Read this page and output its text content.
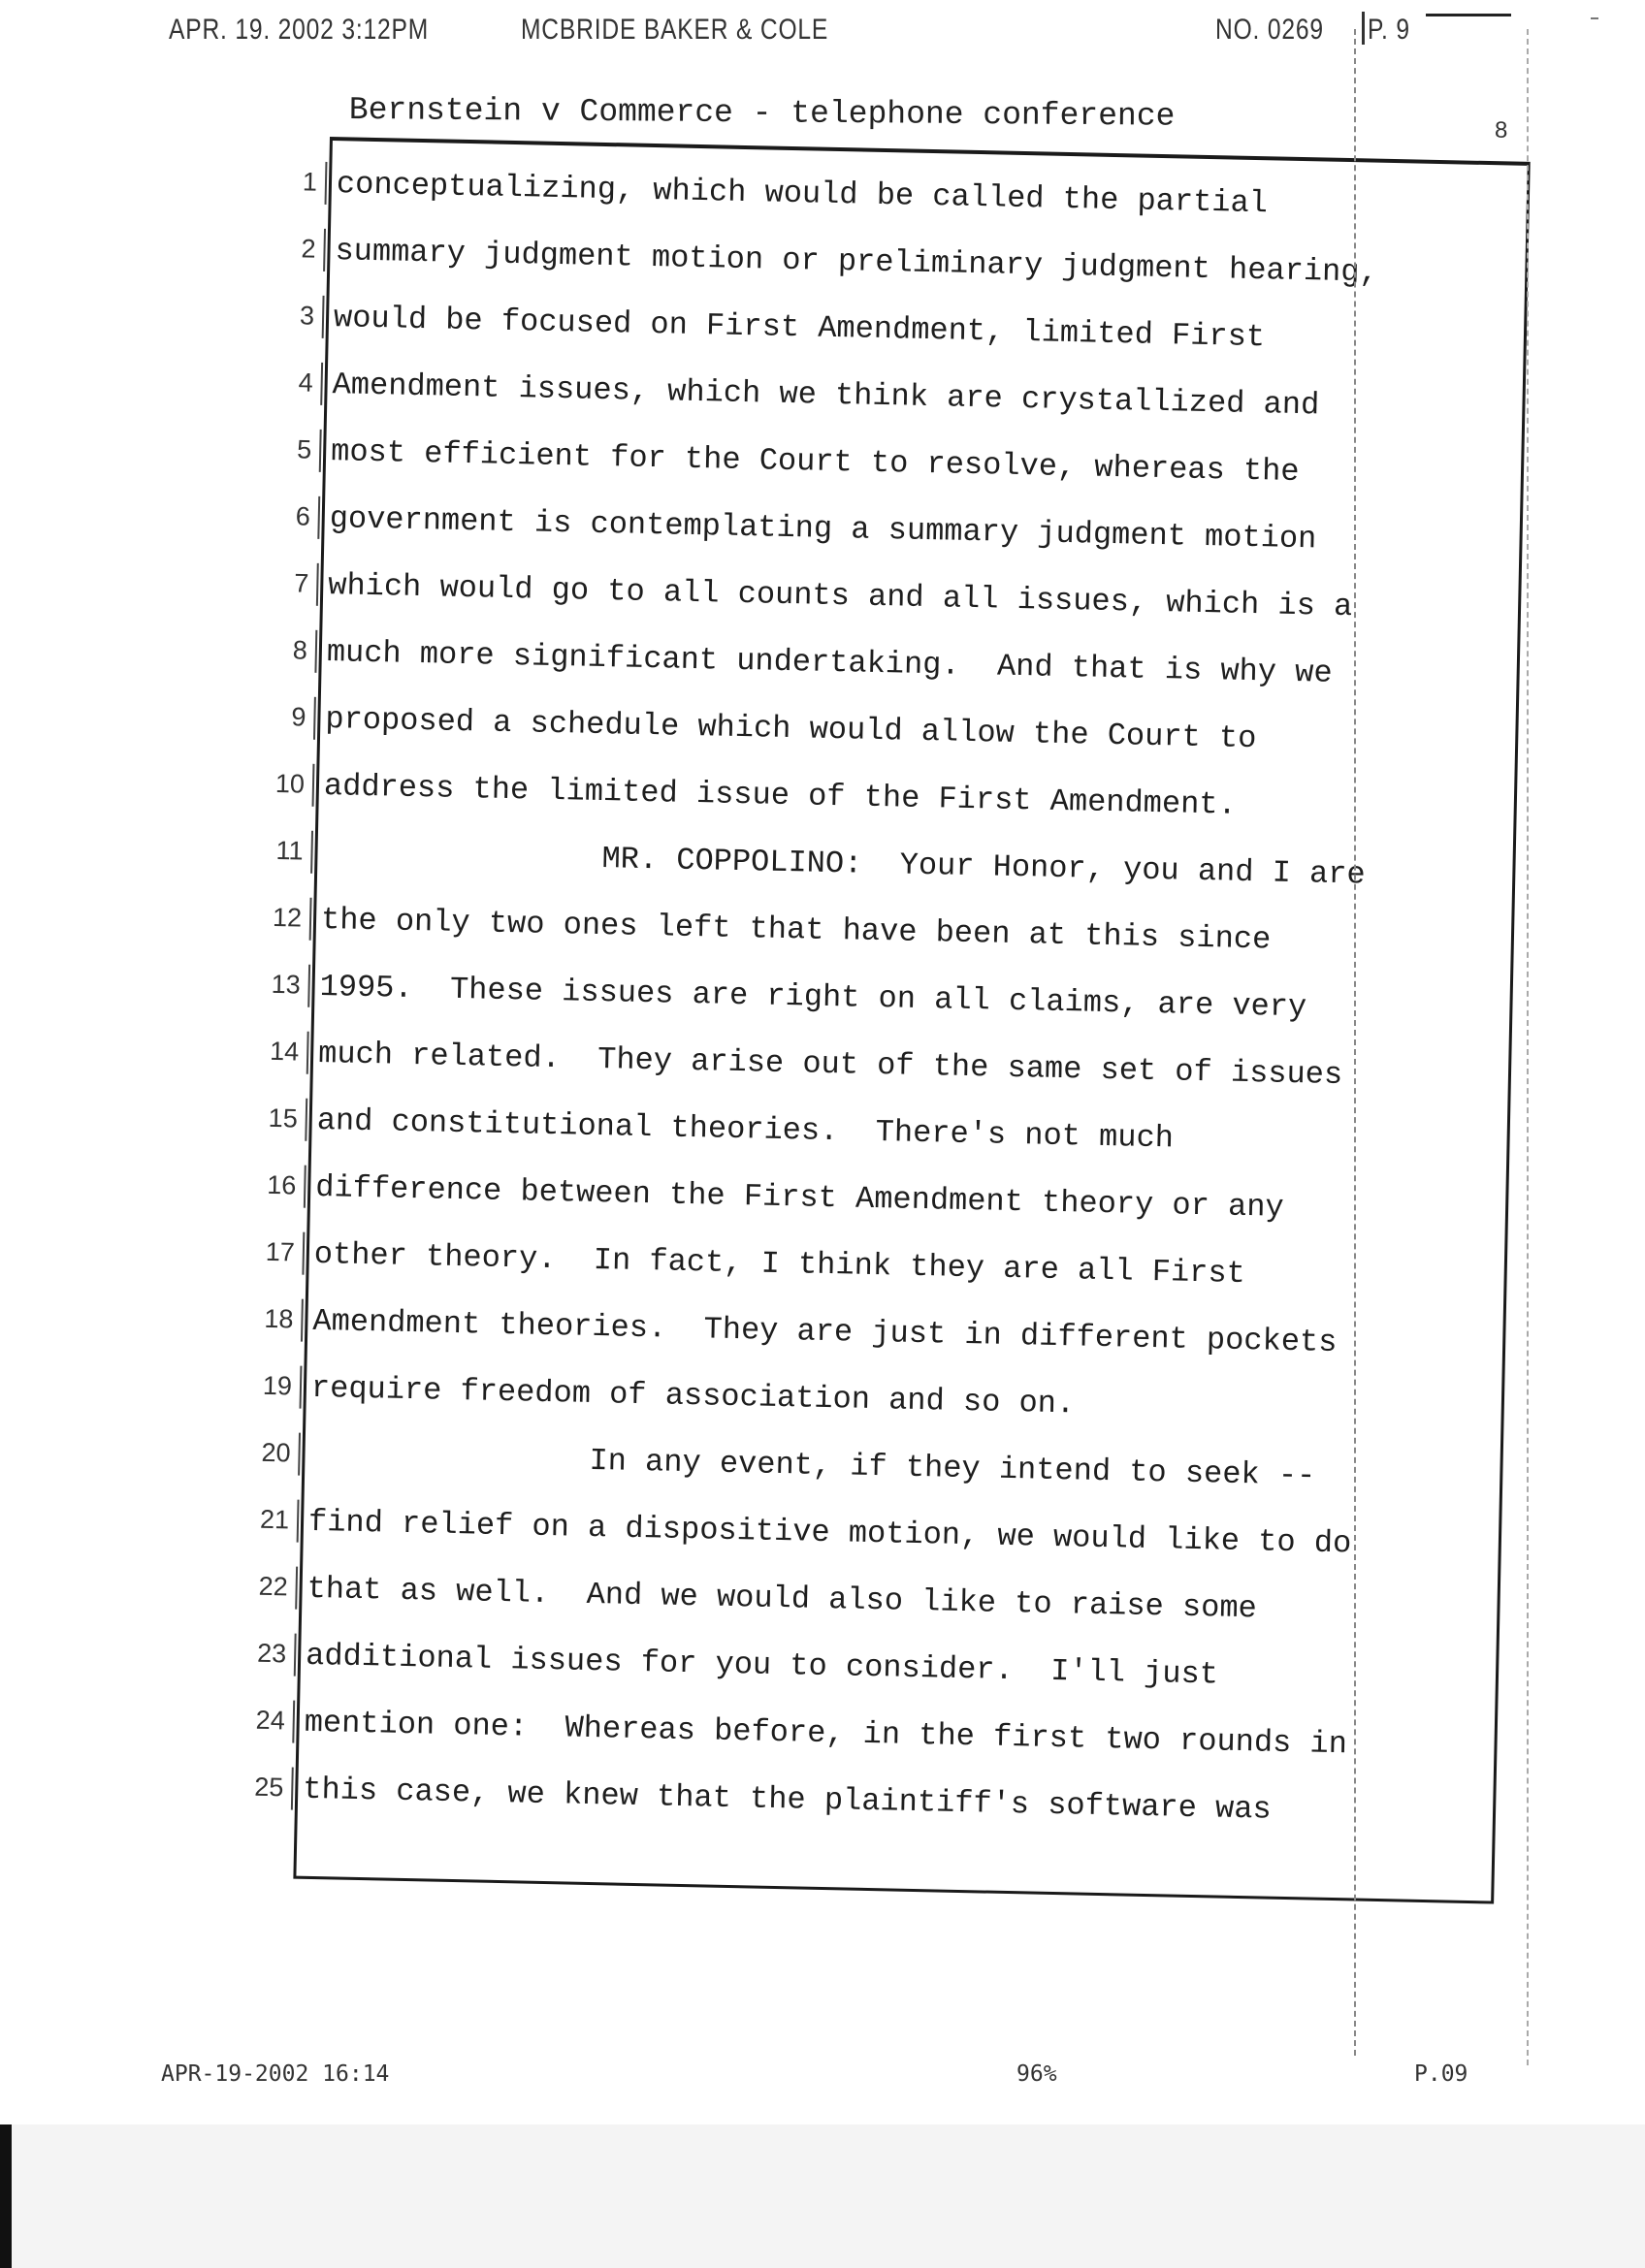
APR. 19. 2002 3:12PM	MCBRIDE BAKER & COLE	NO. 0269 P. 9
Bernstein v Commerce - telephone conference	8
1 conceptualizing, which would be called the partial
2 summary judgment motion or preliminary judgment hearing,
3 would be focused on First Amendment, limited First
4 Amendment issues, which we think are crystallized and
5 most efficient for the Court to resolve, whereas the
6 government is contemplating a summary judgment motion
7 which would go to all counts and all issues, which is a
8 much more significant undertaking.  And that is why we
9 proposed a schedule which would allow the Court to
10 address the limited issue of the First Amendment.
11 MR. COPPOLINO:  Your Honor, you and I are
12 the only two ones left that have been at this since
13 1995.  These issues are right on all claims, are very
14 much related.  They arise out of the same set of issues
15 and constitutional theories.  There's not much
16 difference between the First Amendment theory or any
17 other theory.  In fact, I think they are all First
18 Amendment theories.  They are just in different pockets
19 require freedom of association and so on.
20 In any event, if they intend to seek --
21 find relief on a dispositive motion, we would like to do
22 that as well.  And we would also like to raise some
23 additional issues for you to consider.  I'll just
24 mention one:  Whereas before, in the first two rounds in
25 this case, we knew that the plaintiff's software was
APR-19-2002 16:14	96%	P.09
